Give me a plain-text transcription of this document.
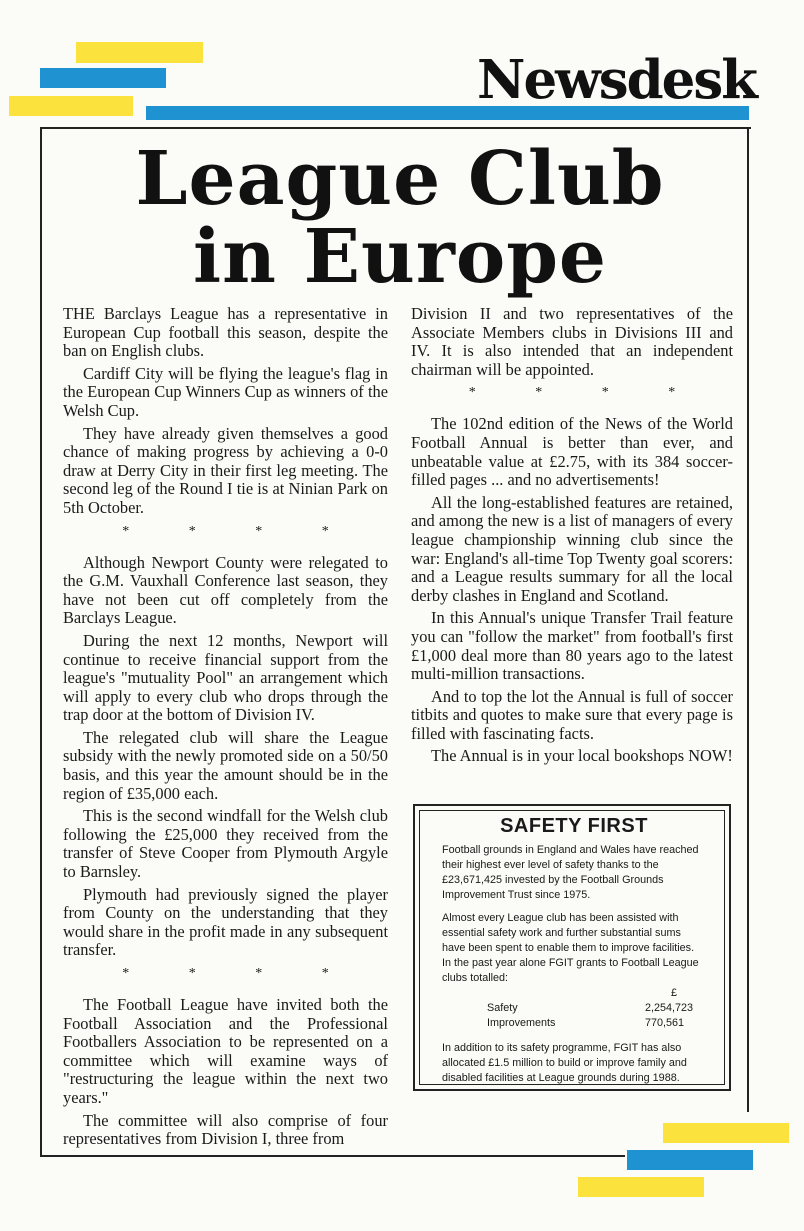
Newsdesk
League Club
in Europe

THE Barclays League has a representative in European Cup football this season, despite the ban on English clubs.

Cardiff City will be flying the league's flag in the European Cup Winners Cup as winners of the Welsh Cup.

They have already given themselves a good chance of making progress by achieving a 0-0 draw at Derry City in their first leg meeting. The second leg of the Round I tie is at Ninian Park on 5th October.

* * * *

Although Newport County were relegated to the G.M. Vauxhall Conference last season, they have not been cut off completely from the Barclays League.

During the next 12 months, Newport will continue to receive financial support from the league's "mutuality Pool" an arrangement which will apply to every club who drops through the trap door at the bottom of Division IV.

The relegated club will share the League subsidy with the newly promoted side on a 50/50 basis, and this year the amount should be in the region of £35,000 each.

This is the second windfall for the Welsh club following the £25,000 they received from the transfer of Steve Cooper from Plymouth Argyle to Barnsley.

Plymouth had previously signed the player from County on the understanding that they would share in the profit made in any subsequent transfer.

* * * *

The Football League have invited both the Football Association and the Professional Footballers Association to be represented on a committee which will examine ways of "restructuring the league within the next two years."

The committee will also comprise of four representatives from Division I, three from

Division II and two representatives of the Associate Members clubs in Divisions III and IV. It is also intended that an independent chairman will be appointed.

* * * *

The 102nd edition of the News of the World Football Annual is better than ever, and unbeatable value at £2.75, with its 384 soccer-filled pages ... and no advertisements!

All the long-established features are retained, and among the new is a list of managers of every league championship winning club since the war: England's all-time Top Twenty goal scorers: and a League results summary for all the local derby clashes in England and Scotland.

In this Annual's unique Transfer Trail feature you can "follow the market" from football's first £1,000 deal more than 80 years ago to the latest multi-million transactions.

And to top the lot the Annual is full of soccer titbits and quotes to make sure that every page is filled with fascinating facts.

The Annual is in your local bookshops NOW!

SAFETY FIRST

Football grounds in England and Wales have reached their highest ever level of safety thanks to the £23,671,425 invested by the Football Grounds Improvement Trust since 1975.

Almost every League club has been assisted with essential safety work and further substantial sums have been spent to enable them to improve facilities. In the past year alone FGIT grants to Football League clubs totalled:

	£
Safety	2,254,723
Improvements	770,561

In addition to its safety programme, FGIT has also allocated £1.5 million to build or improve family and disabled facilities at League grounds during 1988.
